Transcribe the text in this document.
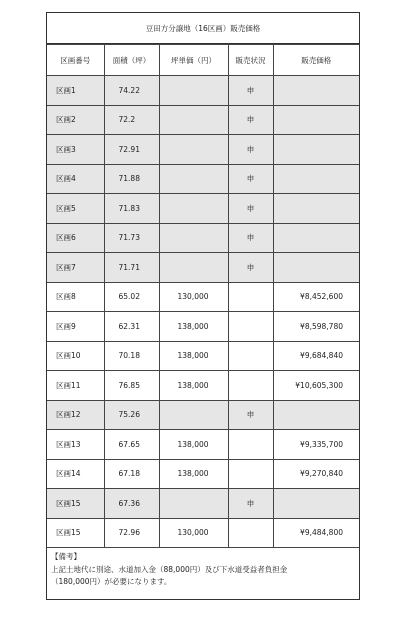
豆田方分譲地（16区画）販売価格
区画番号	面積（坪）	坪単価（円）	販売状況	販売価格
区画1	74.22		申	
区画2	72.2		申	
区画3	72.91		申	
区画4	71.88		申	
区画5	71.83		申	
区画6	71.73		申	
区画7	71.71		申	
区画8	65.02	130,000		¥8,452,600
区画9	62.31	138,000		¥8,598,780
区画10	70.18	138,000		¥9,684,840
区画11	76.85	138,000		¥10,605,300
区画12	75.26		申	
区画13	67.65	138,000		¥9,335,700
区画14	67.18	138,000		¥9,270,840
区画15	67.36		申	
区画15	72.96	130,000		¥9,484,800
【備考】
上記土地代に別途、水道加入金（88,000円）及び下水道受益者負担金
（180,000円）が必要になります。
